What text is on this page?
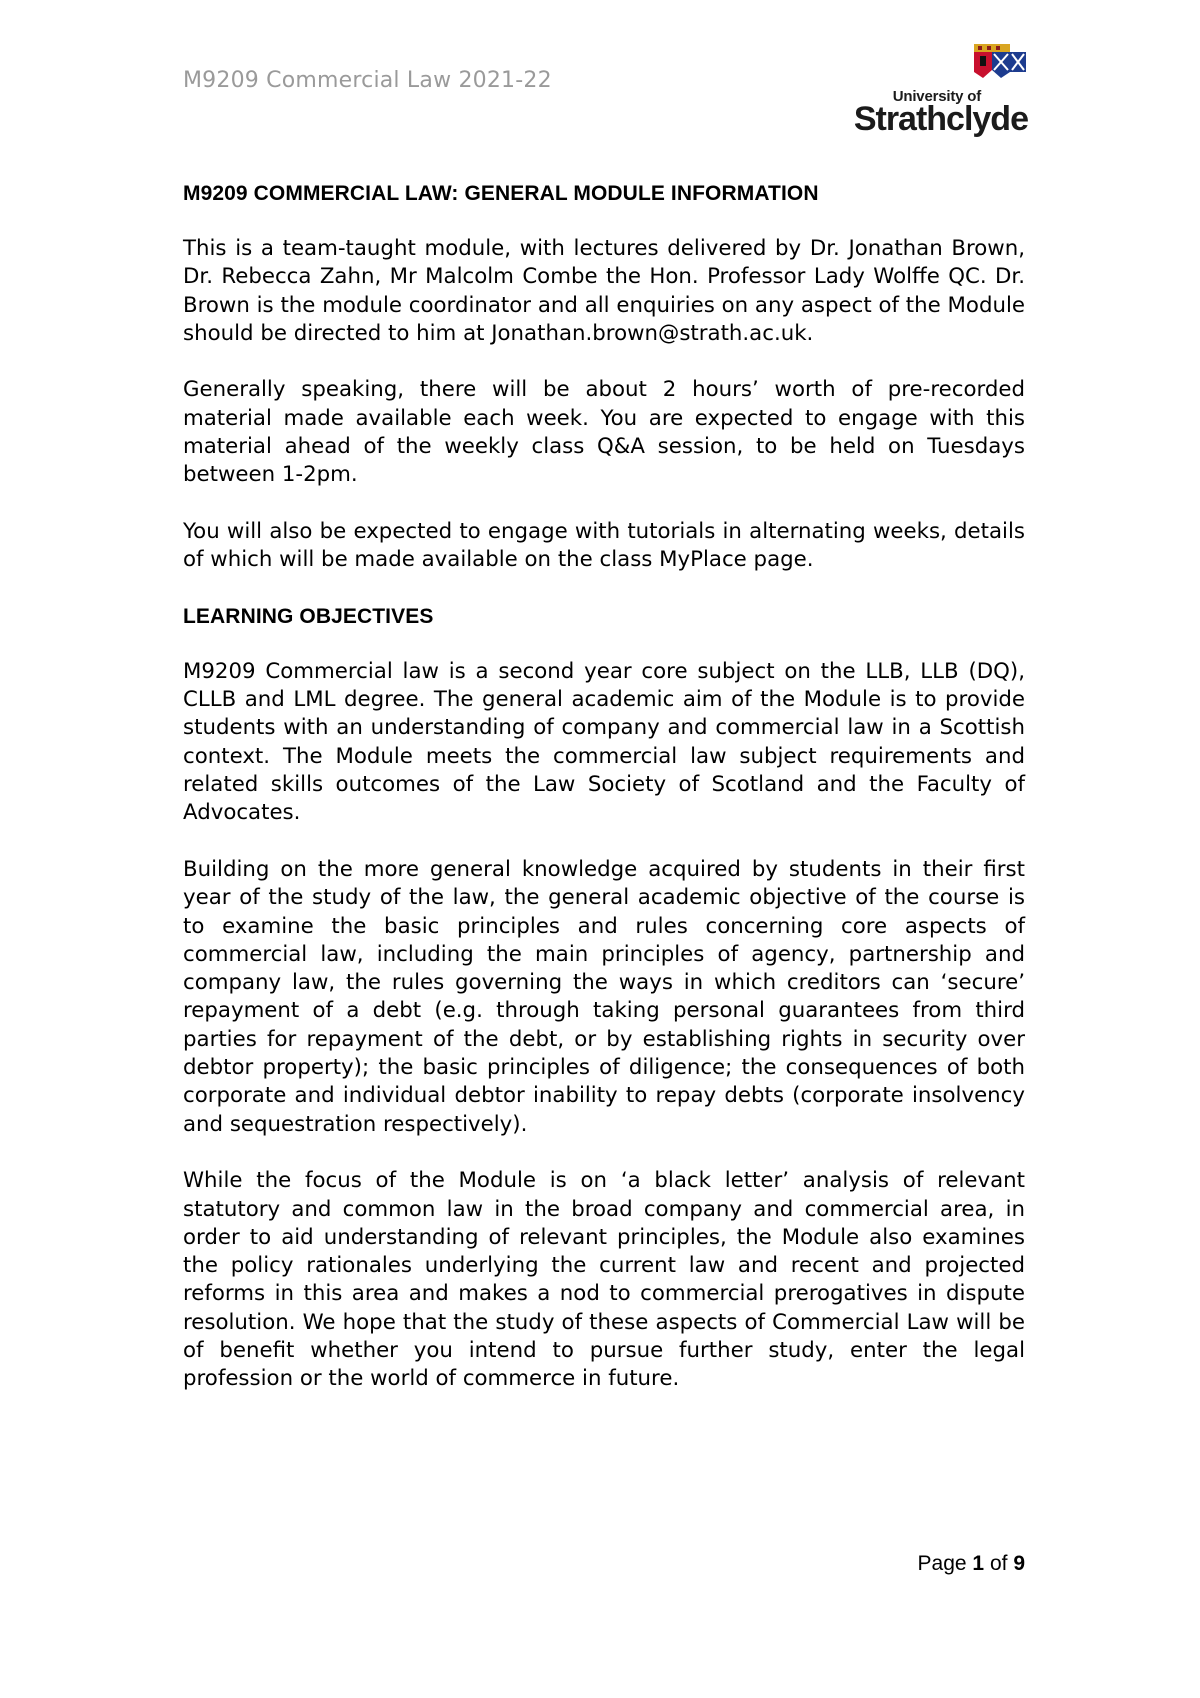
M9209 Commercial Law 2021-22
University of
Strathclyde
M9209 COMMERCIAL LAW: GENERAL MODULE INFORMATION

This is a team-taught module, with lectures delivered by Dr. Jonathan Brown, Dr. Rebecca Zahn, Mr Malcolm Combe the Hon. Professor Lady Wolffe QC. Dr. Brown is the module coordinator and all enquiries on any aspect of the Module should be directed to him at Jonathan.brown@strath.ac.uk.

Generally speaking, there will be about 2 hours’ worth of pre-recorded material made available each week. You are expected to engage with this material ahead of the weekly class Q&A session, to be held on Tuesdays between 1-2pm.

You will also be expected to engage with tutorials in alternating weeks, details of which will be made available on the class MyPlace page.

LEARNING OBJECTIVES

M9209 Commercial law is a second year core subject on the LLB, LLB (DQ), CLLB and LML degree. The general academic aim of the Module is to provide students with an understanding of company and commercial law in a Scottish context. The Module meets the commercial law subject requirements and related skills outcomes of the Law Society of Scotland and the Faculty of Advocates.

Building on the more general knowledge acquired by students in their first year of the study of the law, the general academic objective of the course is to examine the basic principles and rules concerning core aspects of commercial law, including the main principles of agency, partnership and company law, the rules governing the ways in which creditors can ‘secure’ repayment of a debt (e.g. through taking personal guarantees from third parties for repayment of the debt, or by establishing rights in security over debtor property); the basic principles of diligence; the consequences of both corporate and individual debtor inability to repay debts (corporate insolvency and sequestration respectively).

While the focus of the Module is on ‘a black letter’ analysis of relevant statutory and common law in the broad company and commercial area, in order to aid understanding of relevant principles, the Module also examines the policy rationales underlying the current law and recent and projected reforms in this area and makes a nod to commercial prerogatives in dispute resolution. We hope that the study of these aspects of Commercial Law will be of benefit whether you intend to pursue further study, enter the legal profession or the world of commerce in future.

Page 1 of 9
